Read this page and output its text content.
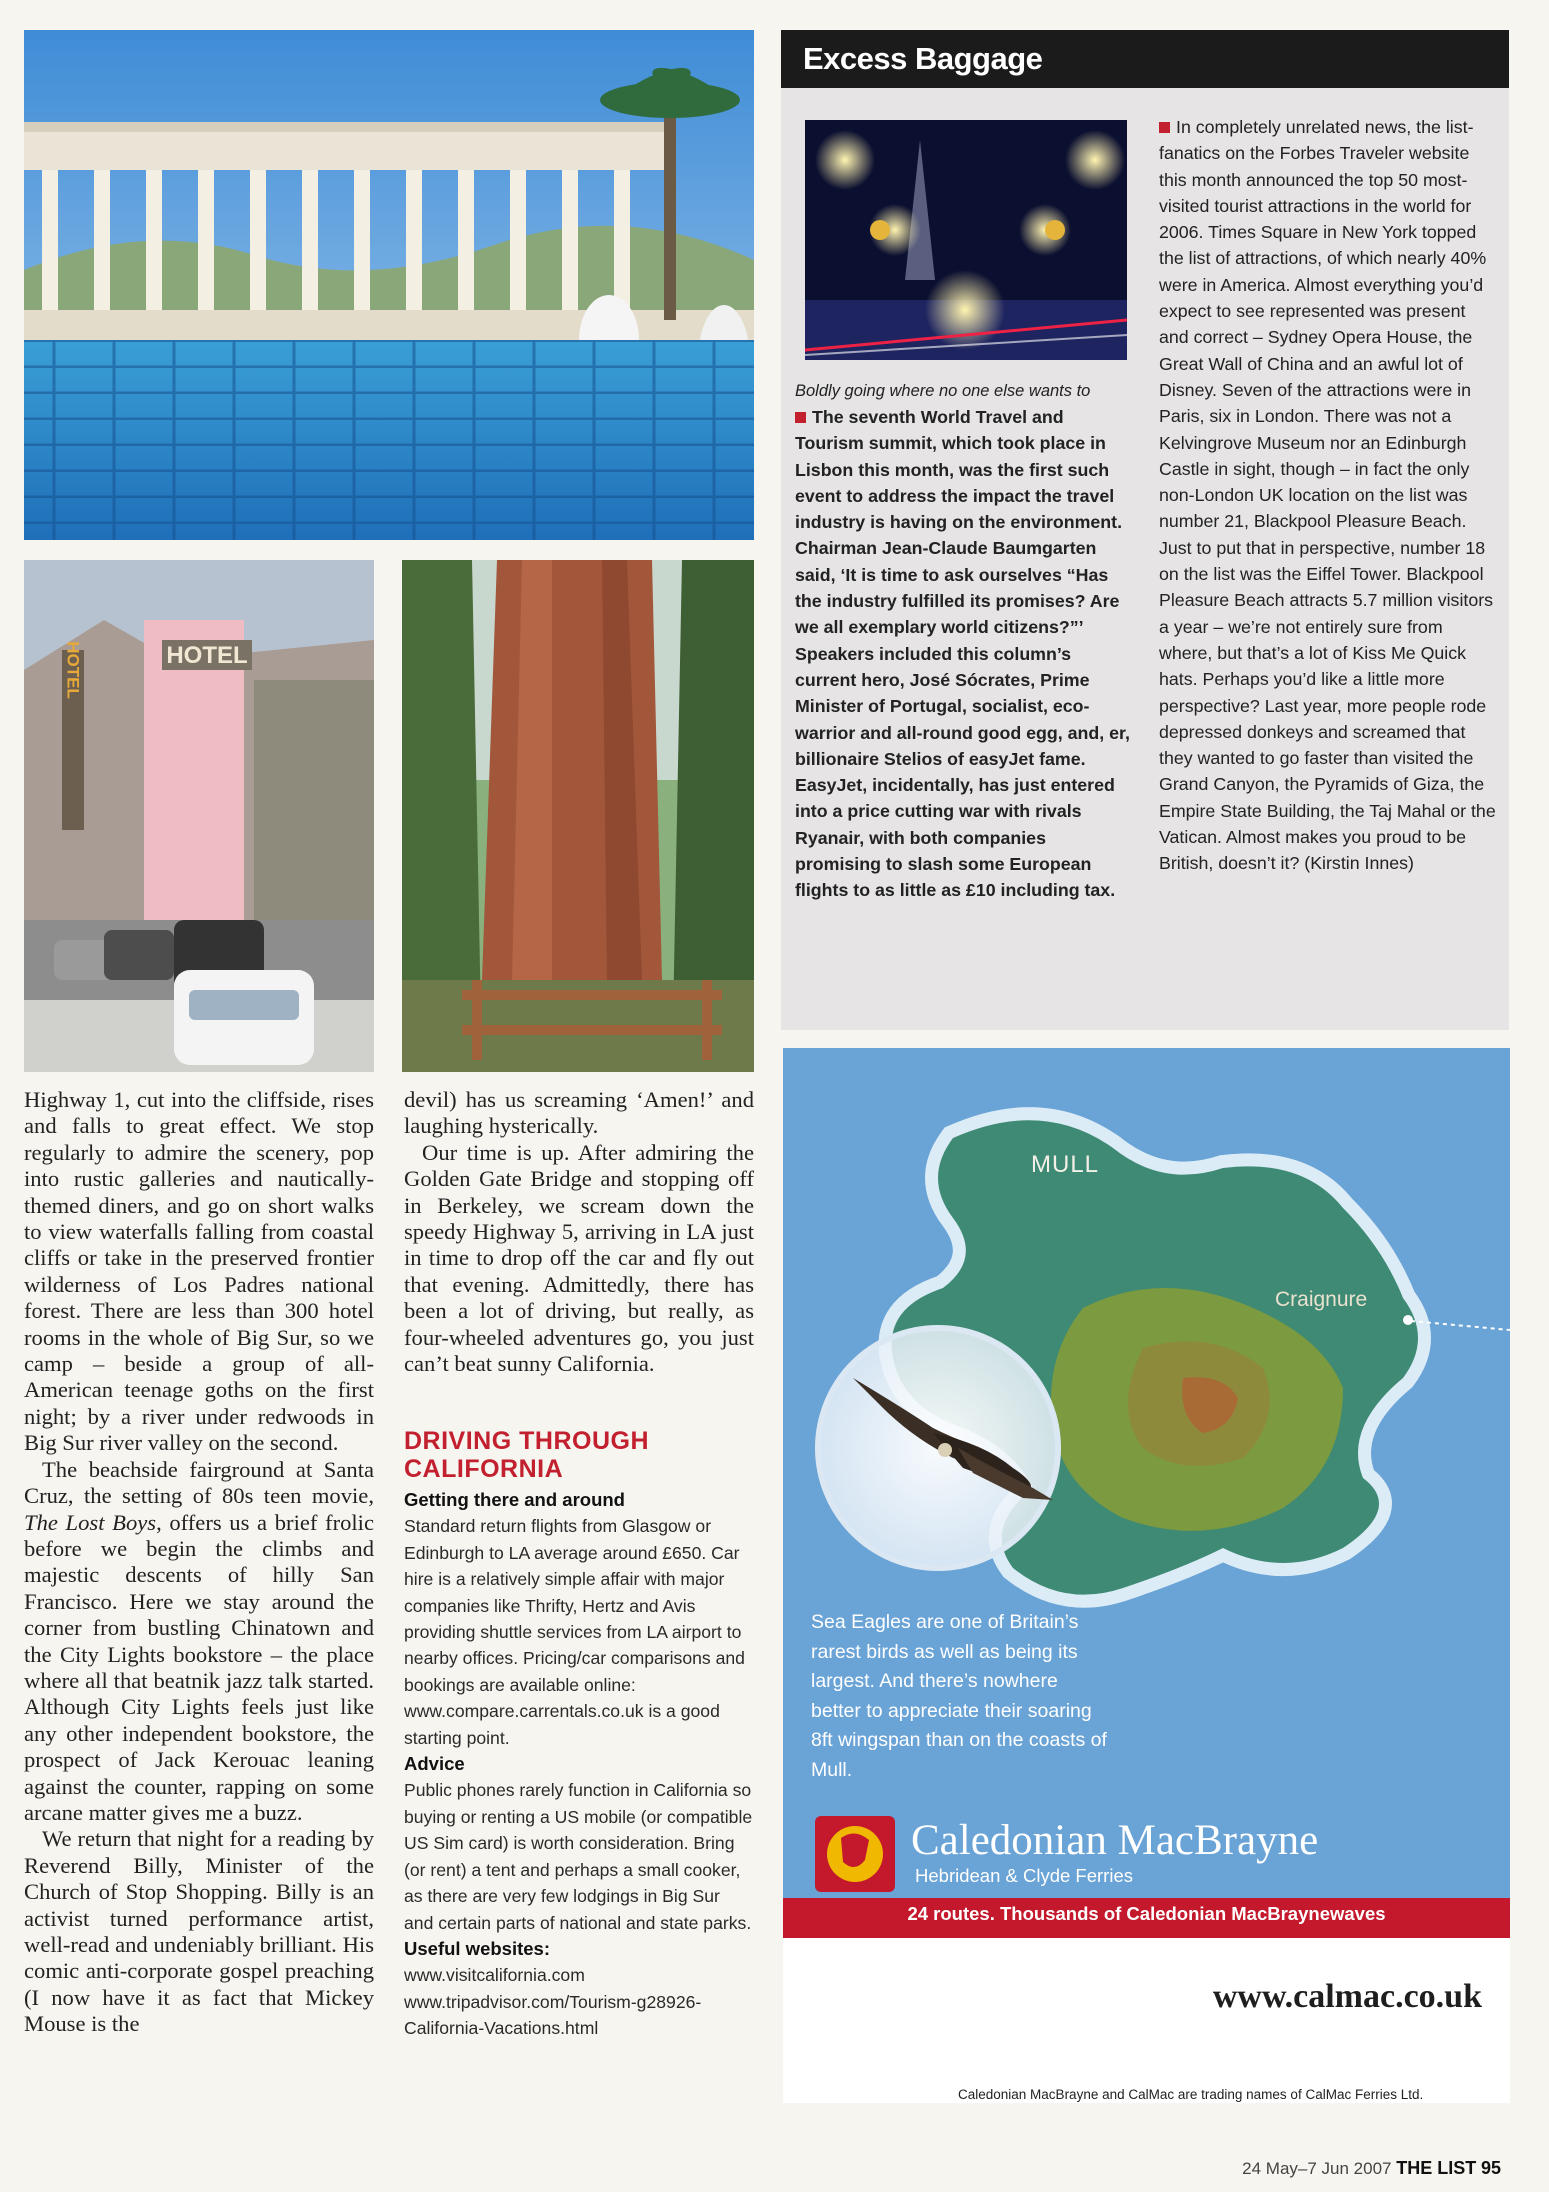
HOTEL
HOTEL

Highway 1, cut into the cliffside, rises and falls to great effect. We stop regularly to admire the scenery, pop into rustic galleries and nautically-themed diners, and go on short walks to view waterfalls falling from coastal cliffs or take in the preserved frontier wilderness of Los Padres national forest. There are less than 300 hotel rooms in the whole of Big Sur, so we camp – beside a group of all-American teenage goths on the first night; by a river under redwoods in Big Sur river valley on the second.

The beachside fairground at Santa Cruz, the setting of 80s teen movie, The Lost Boys, offers us a brief frolic before we begin the climbs and majestic descents of hilly San Francisco. Here we stay around the corner from bustling Chinatown and the City Lights bookstore – the place where all that beatnik jazz talk started. Although City Lights feels just like any other independent bookstore, the prospect of Jack Kerouac leaning against the counter, rapping on some arcane matter gives me a buzz.

We return that night for a reading by Reverend Billy, Minister of the Church of Stop Shopping. Billy is an activist turned performance artist, well-read and undeniably brilliant. His comic anti-corporate gospel preaching (I now have it as fact that Mickey Mouse is the

devil) has us screaming ‘Amen!’ and laughing hysterically.

Our time is up. After admiring the Golden Gate Bridge and stopping off in Berkeley, we scream down the speedy Highway 5, arriving in LA just in time to drop off the car and fly out that evening. Admittedly, there has been a lot of driving, but really, as four-wheeled adventures go, you just can’t beat sunny California.

DRIVING THROUGH
CALIFORNIA
Getting there and around
Standard return flights from Glasgow or Edinburgh to LA average around £650. Car hire is a relatively simple affair with major companies like Thrifty, Hertz and Avis providing shuttle services from LA airport to nearby offices. Pricing/car comparisons and bookings are available online: www.compare.carrentals.co.uk is a good starting point.
Advice
Public phones rarely function in California so buying or renting a US mobile (or compatible US Sim card) is worth consideration. Bring (or rent) a tent and perhaps a small cooker, as there are very few lodgings in Big Sur and certain parts of national and state parks.
Useful websites:
www.visitcalifornia.com
www.tripadvisor.com/Tourism-g28926-California-Vacations.html
Excess Baggage
Boldly going where no one else wants to
The seventh World Travel and Tourism summit, which took place in Lisbon this month, was the first such event to address the impact the travel industry is having on the environment. Chairman Jean-Claude Baumgarten said, ‘It is time to ask ourselves “Has the industry fulfilled its promises? Are we all exemplary world citizens?”’ Speakers included this column’s current hero, José Sócrates, Prime Minister of Portugal, socialist, eco-warrior and all-round good egg, and, er, billionaire Stelios of easyJet fame. EasyJet, incidentally, has just entered into a price cutting war with rivals Ryanair, with both companies promising to slash some European flights to as little as £10 including tax.
In completely unrelated news, the list-fanatics on the Forbes Traveler website this month announced the top 50 most-visited tourist attractions in the world for 2006. Times Square in New York topped the list of attractions, of which nearly 40% were in America. Almost everything you’d expect to see represented was present and correct – Sydney Opera House, the Great Wall of China and an awful lot of Disney. Seven of the attractions were in Paris, six in London. There was not a Kelvingrove Museum nor an Edinburgh Castle in sight, though – in fact the only non-London UK location on the list was number 21, Blackpool Pleasure Beach. Just to put that in perspective, number 18 on the list was the Eiffel Tower. Blackpool Pleasure Beach attracts 5.7 million visitors a year – we’re not entirely sure from where, but that’s a lot of Kiss Me Quick hats. Perhaps you’d like a little more perspective? Last year, more people rode depressed donkeys and screamed that they wanted to go faster than visited the Grand Canyon, the Pyramids of Giza, the Empire State Building, the Taj Mahal or the Vatican. Almost makes you proud to be British, doesn’t it? (Kirstin Innes)
MULL
Craignure
Sea Eagles are one of Britain’s rarest birds as well as being its largest. And there’s nowhere better to appreciate their soaring 8ft wingspan than on the coasts of Mull.
Caledonian MacBrayne
Hebridean & Clyde Ferries
24 routes. Thousands of Caledonian MacBraynewaves
www.calmac.co.uk
Caledonian MacBrayne and CalMac are trading names of CalMac Ferries Ltd.
24 May–7 Jun 2007 THE LIST 95
